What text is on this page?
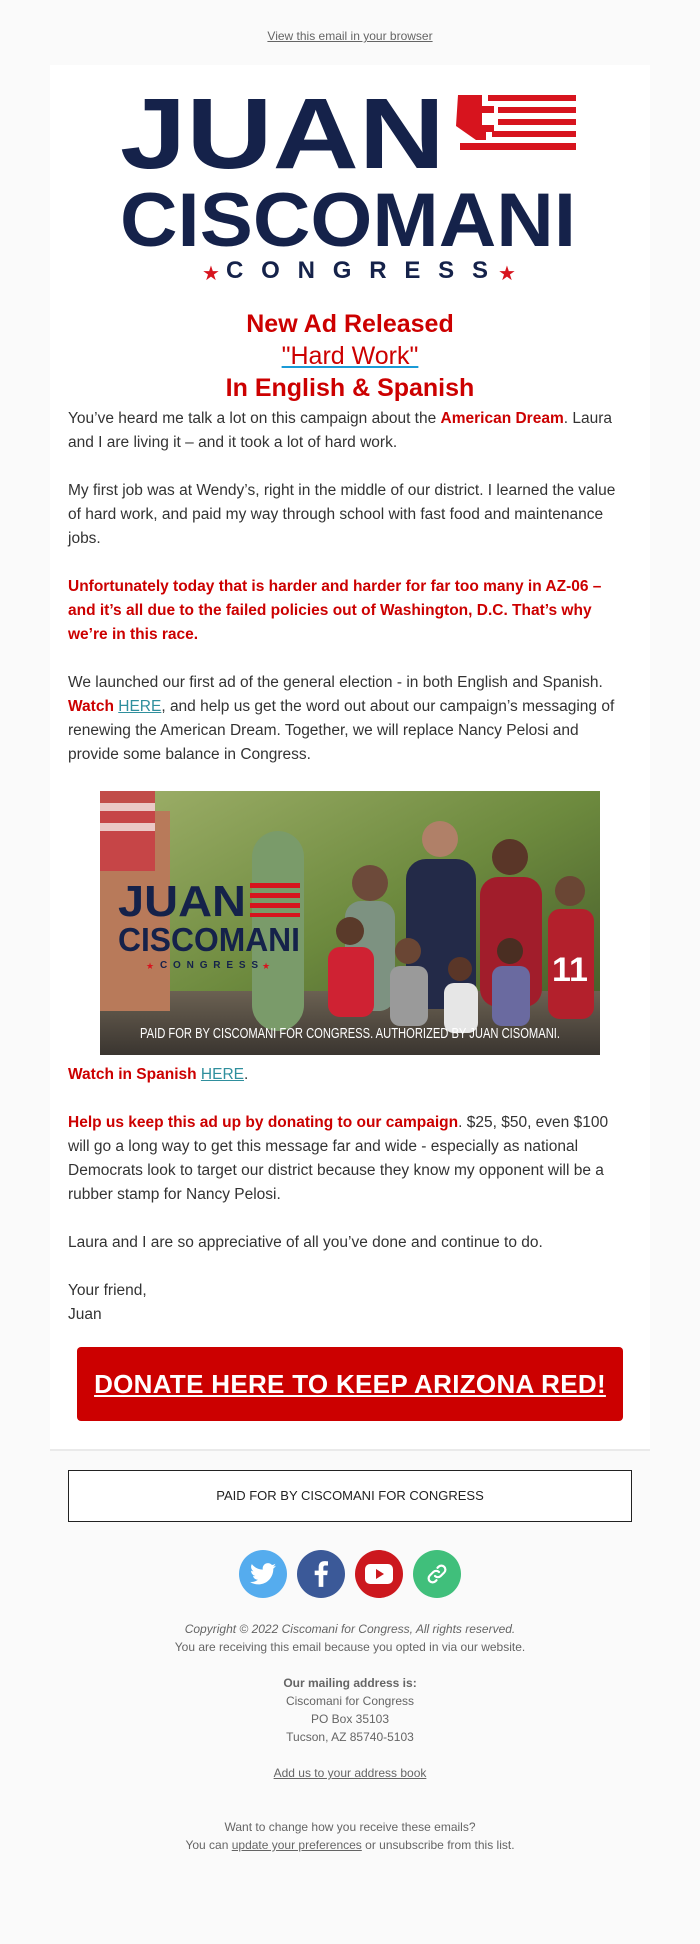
View this email in your browser
JUAN
CISCOMANI
★ CONGRESS ★
New Ad Released
"Hard Work"
In English & Spanish

You’ve heard me talk a lot on this campaign about the American Dream. Laura and I are living it – and it took a lot of hard work.

My first job was at Wendy’s, right in the middle of our district. I learned the value of hard work, and paid my way through school with fast food and maintenance jobs.

Unfortunately today that is harder and harder for far too many in AZ-06 – and it’s all due to the failed policies out of Washington, D.C. That’s why we’re in this race.

We launched our first ad of the general election - in both English and Spanish. Watch HERE, and help us get the word out about our campaign’s messaging of renewing the American Dream. Together, we will replace Nancy Pelosi and provide some balance in Congress.

11
JUAN
CISCOMANI
★ CONGRESS ★
PAID FOR BY CISCOMANI FOR CONGRESS. AUTHORIZED BY JUAN CISOMANI.

Watch in Spanish HERE.

Help us keep this ad up by donating to our campaign. $25, $50, even $100 will go a long way to get this message far and wide - especially as national Democrats look to target our district because they know my opponent will be a rubber stamp for Nancy Pelosi.

Laura and I are so appreciative of all you’ve done and continue to do.

Your friend,
Juan

DONATE HERE TO KEEP ARIZONA RED!
PAID FOR BY CISCOMANI FOR CONGRESS
Copyright © 2022 Ciscomani for Congress, All rights reserved.
You are receiving this email because you opted in via our website.
Our mailing address is:
Ciscomani for Congress
PO Box 35103
Tucson, AZ 85740-5103
Add us to your address book
Want to change how you receive these emails?
You can update your preferences or unsubscribe from this list.
